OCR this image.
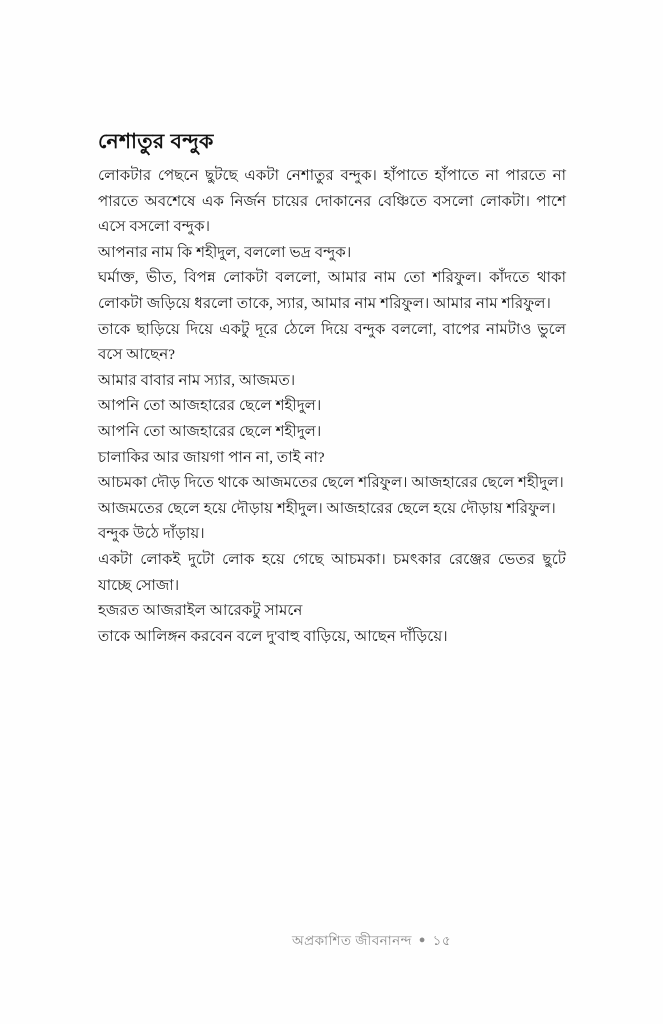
নেশাতুর বন্দুক

লোকটার পেছনে ছুটছে একটা নেশাতুর বন্দুক। হাঁপাতে হাঁপাতে না পারতে না পারতে অবশেষে এক নির্জন চায়ের দোকানের বেঞ্চিতে বসলো লোকটা। পাশে এসে বসলো বন্দুক।

আপনার নাম কি শহীদুল, বললো ভদ্র বন্দুক।

ঘর্মাক্ত, ভীত, বিপন্ন লোকটা বললো, আমার নাম তো শরিফুল। কাঁদতে থাকা লোকটা জড়িয়ে ধরলো তাকে, স্যার, আমার নাম শরিফুল। আমার নাম শরিফুল।

তাকে ছাড়িয়ে দিয়ে একটু দূরে ঠেলে দিয়ে বন্দুক বললো, বাপের নামটাও ভুলে বসে আছেন?

আমার বাবার নাম স্যার, আজমত।

আপনি তো আজহারের ছেলে শহীদুল।

আপনি তো আজহারের ছেলে শহীদুল।

চালাকির আর জায়গা পান না, তাই না?

আচমকা দৌড় দিতে থাকে আজমতের ছেলে শরিফুল। আজহারের ছেলে শহীদুল।

আজমতের ছেলে হয়ে দৌড়ায় শহীদুল। আজহারের ছেলে হয়ে দৌড়ায় শরিফুল।

বন্দুক উঠে দাঁড়ায়।

একটা লোকই দুটো লোক হয়ে গেছে আচমকা। চমৎকার রেঞ্জের ভেতর ছুটে যাচ্ছে সোজা।

হজরত আজরাইল আরেকটু সামনে

তাকে আলিঙ্গন করবেন বলে দু'বাহু বাড়িয়ে, আছেন দাঁড়িয়ে।

অপ্রকাশিত জীবনানন্দ ● ১৫
